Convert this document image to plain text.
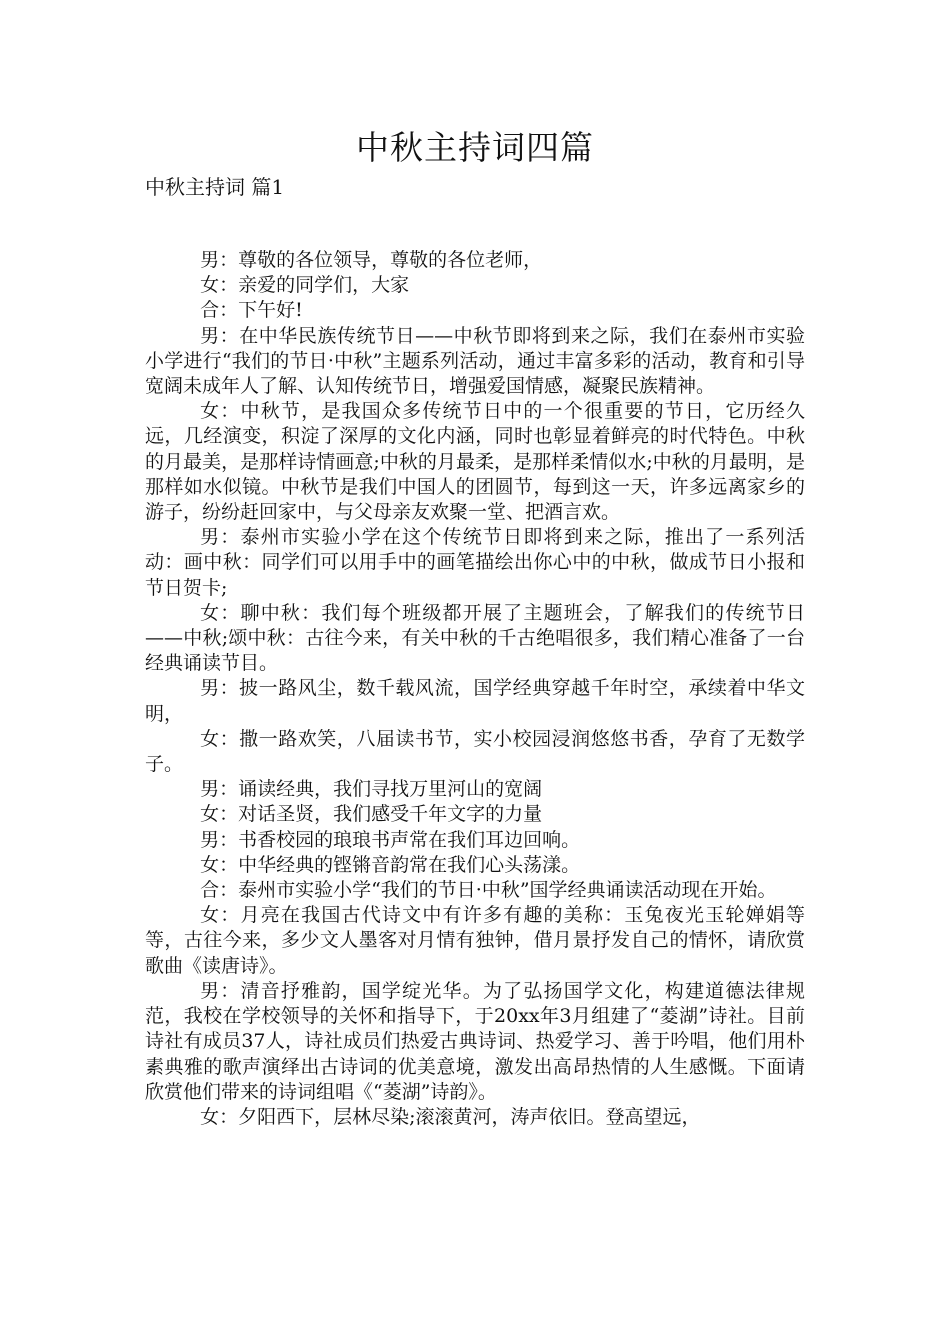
中秋主持词四篇
中秋主持词 篇1

男：尊敬的各位领导，尊敬的各位老师，

女：亲爱的同学们，大家

合：下午好!

男：在中华民族传统节日——中秋节即将到来之际，我们在泰州市实验小学进行“我们的节日·中秋”主题系列活动，通过丰富多彩的活动，教育和引导宽阔未成年人了解、认知传统节日，增强爱国情感，凝聚民族精神。

女：中秋节，是我国众多传统节日中的一个很重要的节日，它历经久远，几经演变，积淀了深厚的文化内涵，同时也彰显着鲜亮的时代特色。中秋的月最美，是那样诗情画意;中秋的月最柔，是那样柔情似水;中秋的月最明，是那样如水似镜。中秋节是我们中国人的团圆节，每到这一天，许多远离家乡的游子，纷纷赶回家中，与父母亲友欢聚一堂、把酒言欢。

男：泰州市实验小学在这个传统节日即将到来之际，推出了一系列活动：画中秋：同学们可以用手中的画笔描绘出你心中的中秋，做成节日小报和节日贺卡;

女：聊中秋：我们每个班级都开展了主题班会，了解我们的传统节日——中秋;颂中秋：古往今来，有关中秋的千古绝唱很多，我们精心准备了一台经典诵读节目。

男：披一路风尘，数千载风流，国学经典穿越千年时空，承续着中华文明，

女：撒一路欢笑，八届读书节，实小校园浸润悠悠书香，孕育了无数学子。

男：诵读经典，我们寻找万里河山的宽阔

女：对话圣贤，我们感受千年文字的力量

男：书香校园的琅琅书声常在我们耳边回响。

女：中华经典的铿锵音韵常在我们心头荡漾。

合：泰州市实验小学“我们的节日·中秋”国学经典诵读活动现在开始。

女：月亮在我国古代诗文中有许多有趣的美称：玉兔夜光玉轮婵娟等等，古往今来，多少文人墨客对月情有独钟，借月景抒发自己的情怀，请欣赏歌曲《读唐诗》。

男：清音抒雅韵，国学绽光华。为了弘扬国学文化，构建道德法律规范，我校在学校领导的关怀和指导下，于20xx年3月组建了“菱湖”诗社。目前诗社有成员37人，诗社成员们热爱古典诗词、热爱学习、善于吟唱，他们用朴素典雅的歌声演绎出古诗词的优美意境，激发出高昂热情的人生感慨。下面请欣赏他们带来的诗词组唱《“菱湖”诗韵》。

女：夕阳西下，层林尽染;滚滚黄河，涛声依旧。登高望远，
